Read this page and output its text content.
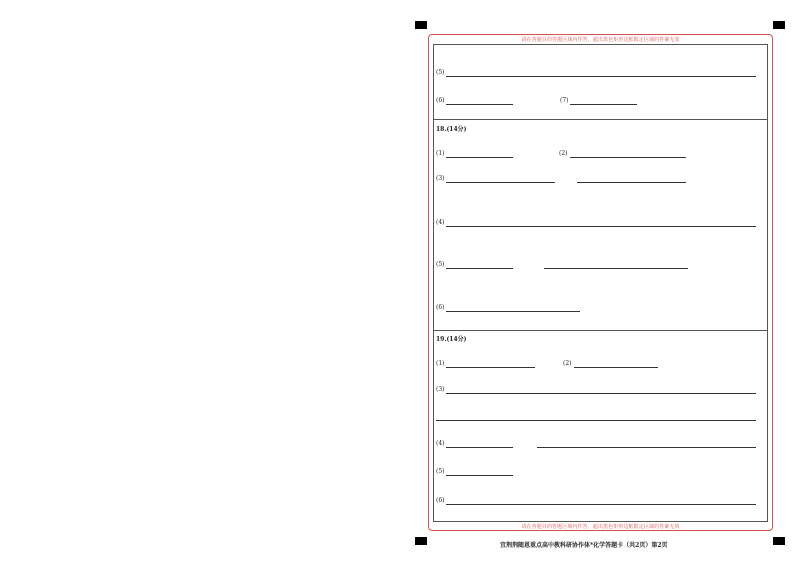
请在各题目的答题区域内作答，超出黑色矩形边框限定区域的答案无效
请在各题目的答题区域内作答，超出黑色矩形边框限定区域的答案无效
(5)
(6)	(7)
18.(14分)
(1)	(2)
(3)
(4)
(5)
(6)
19.(14分)
(1)	(2)
(3)
(4)
(5)
(6)
宜荆荆随恩重点高中教科研协作体*化学答题卡（共2页）第2页
